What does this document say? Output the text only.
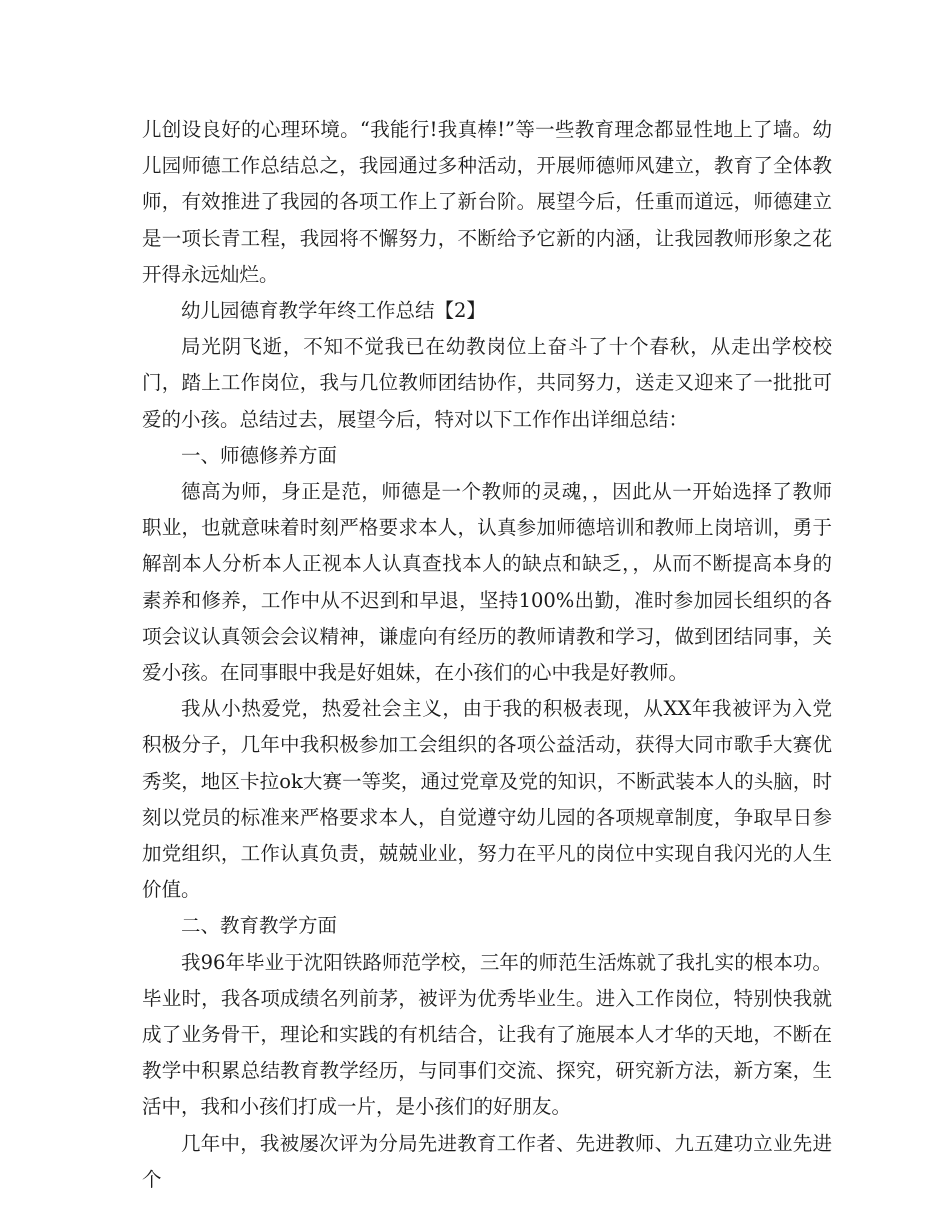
儿创设良好的心理环境。“我能行!我真棒!”等一些教育理念都显性地上了墙。幼儿园师德工作总结总之，我园通过多种活动，开展师德师风建立，教育了全体教师，有效推进了我园的各项工作上了新台阶。展望今后，任重而道远，师德建立是一项长青工程，我园将不懈努力，不断给予它新的内涵，让我园教师形象之花开得永远灿烂。

幼儿园德育教学年终工作总结【2】

局光阴飞逝，不知不觉我已在幼教岗位上奋斗了十个春秋，从走出学校校门，踏上工作岗位，我与几位教师团结协作，共同努力，送走又迎来了一批批可爱的小孩。总结过去，展望今后，特对以下工作作出详细总结：

一、师德修养方面

德高为师，身正是范，师德是一个教师的灵魂，，因此从一开始选择了教师职业，也就意味着时刻严格要求本人，认真参加师德培训和教师上岗培训，勇于解剖本人分析本人正视本人认真查找本人的缺点和缺乏，，从而不断提高本身的素养和修养，工作中从不迟到和早退，坚持100%出勤，准时参加园长组织的各项会议认真领会会议精神，谦虚向有经历的教师请教和学习，做到团结同事，关爱小孩。在同事眼中我是好姐妹，在小孩们的心中我是好教师。

我从小热爱党，热爱社会主义，由于我的积极表现，从XX年我被评为入党积极分子，几年中我积极参加工会组织的各项公益活动，获得大同市歌手大赛优秀奖，地区卡拉ok大赛一等奖，通过党章及党的知识，不断武装本人的头脑，时刻以党员的标准来严格要求本人，自觉遵守幼儿园的各项规章制度，争取早日参加党组织，工作认真负责，兢兢业业，努力在平凡的岗位中实现自我闪光的人生价值。

二、教育教学方面

我96年毕业于沈阳铁路师范学校，三年的师范生活炼就了我扎实的根本功。毕业时，我各项成绩名列前茅，被评为优秀毕业生。进入工作岗位，特别快我就成了业务骨干，理论和实践的有机结合，让我有了施展本人才华的天地，不断在教学中积累总结教育教学经历，与同事们交流、探究，研究新方法，新方案，生活中，我和小孩们打成一片，是小孩们的好朋友。

几年中，我被屡次评为分局先进教育工作者、先进教师、九五建功立业先进个
